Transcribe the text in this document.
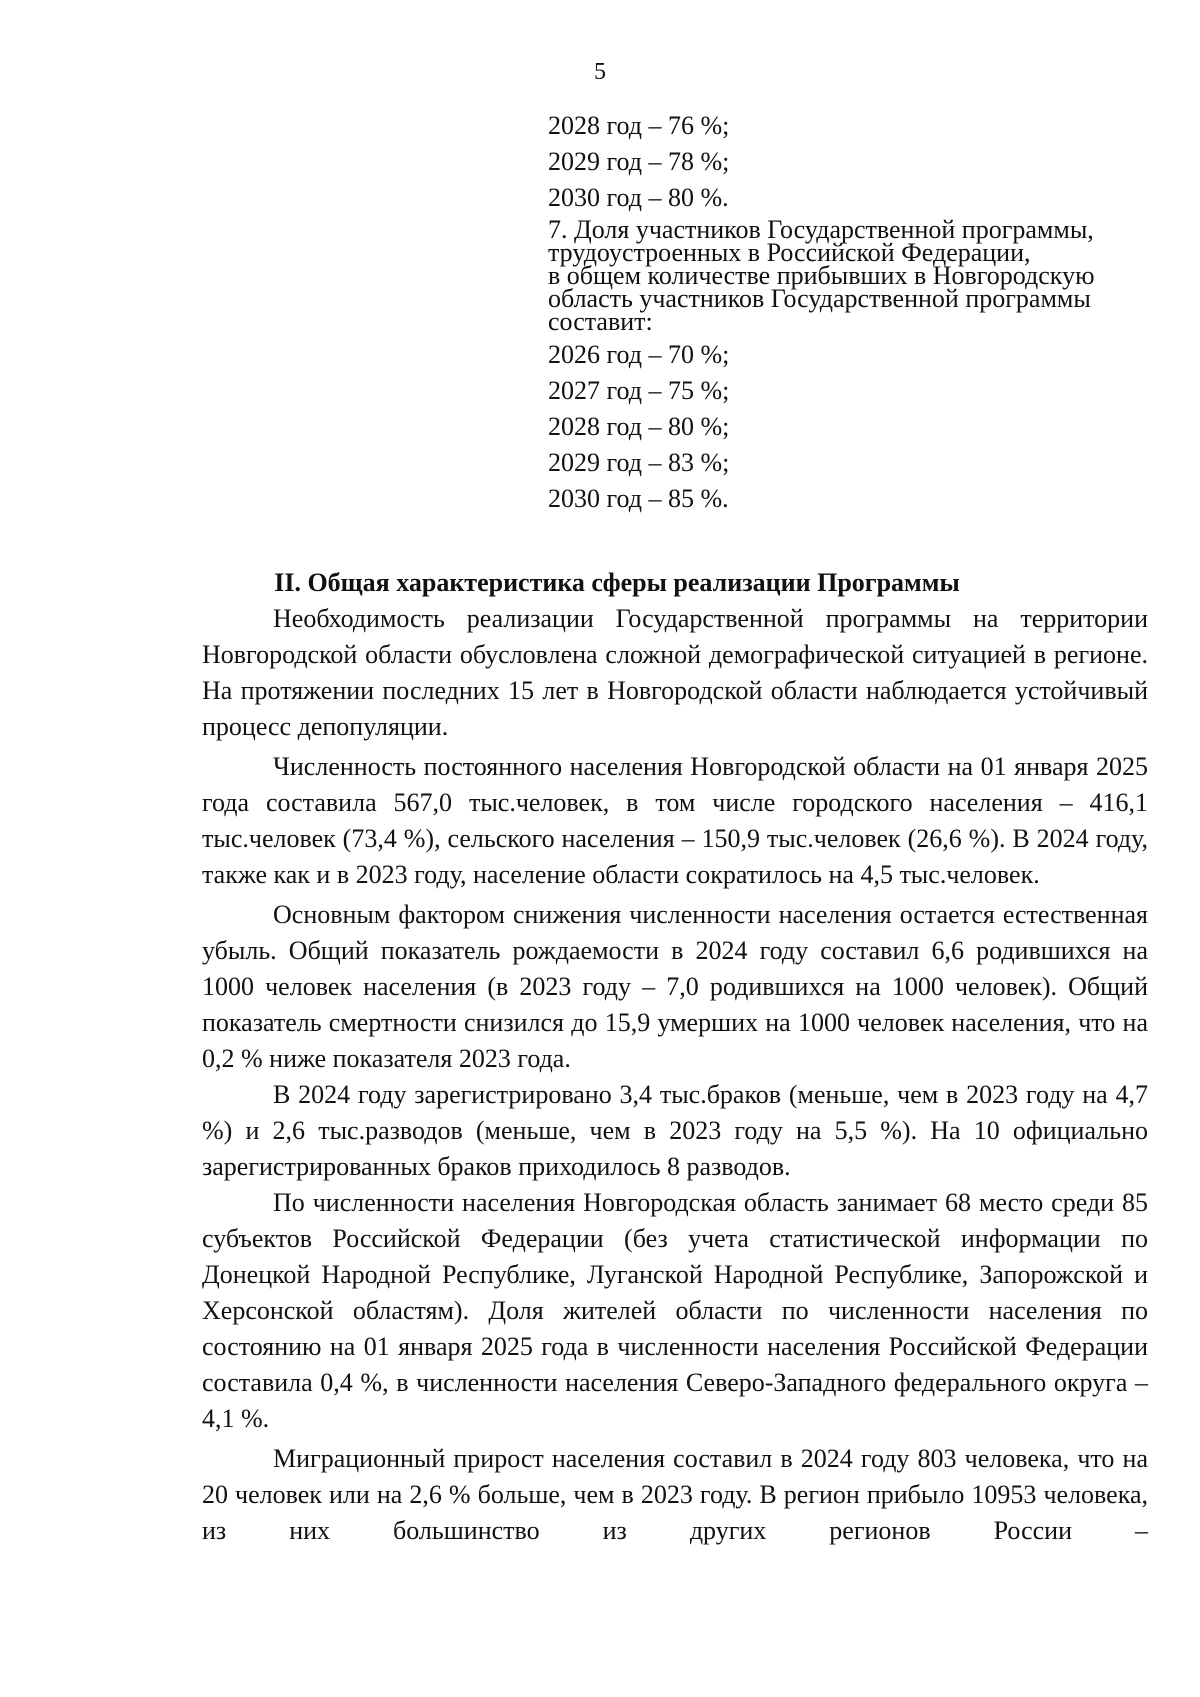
5
2028 год – 76 %;
2029 год – 78 %;
2030 год – 80 %.
7. Доля участников Государственной программы,
трудоустроенных в Российской Федерации,
в общем количестве прибывших в Новгородскую
область участников Государственной программы
составит:
2026 год – 70 %;
2027 год – 75 %;
2028 год – 80 %;
2029 год – 83 %;
2030 год – 85 %.
II. Общая характеристика сферы реализации Программы

Необходимость реализации Государственной программы на территории Новгородской области обусловлена сложной демографической ситуацией в регионе. На протяжении последних 15 лет в Новгородской области наблюдается устойчивый процесс депопуляции.

Численность постоянного населения Новгородской области на 01 января 2025 года составила 567,0 тыс.человек, в том числе городского населения – 416,1 тыс.человек (73,4 %), сельского населения – 150,9 тыс.человек (26,6 %). В 2024 году, также как и в 2023 году, население области сократилось на 4,5 тыс.человек.

Основным фактором снижения численности населения остается естественная убыль. Общий показатель рождаемости в 2024 году составил 6,6 родившихся на 1000 человек населения (в 2023 году – 7,0 родившихся на 1000 человек). Общий показатель смертности снизился до 15,9 умерших на 1000 человек населения, что на 0,2 % ниже показателя 2023 года.

В 2024 году зарегистрировано 3,4 тыс.браков (меньше, чем в 2023 году на 4,7 %) и 2,6 тыс.разводов (меньше, чем в 2023 году на 5,5 %). На 10 официально зарегистрированных браков приходилось 8 разводов.

По численности населения Новгородская область занимает 68 место среди 85 субъектов Российской Федерации (без учета статистической информации по Донецкой Народной Республике, Луганской Народной Республике, Запорожской и Херсонской областям). Доля жителей области по численности населения по состоянию на 01 января 2025 года в численности населения Российской Федерации составила 0,4 %, в численности населения Северо-Западного федерального округа – 4,1 %.

Миграционный прирост населения составил в 2024 году 803 человека, что на 20 человек или на 2,6 % больше, чем в 2023 году. В регион прибыло 10953 человека, из них большинство из других регионов России –
